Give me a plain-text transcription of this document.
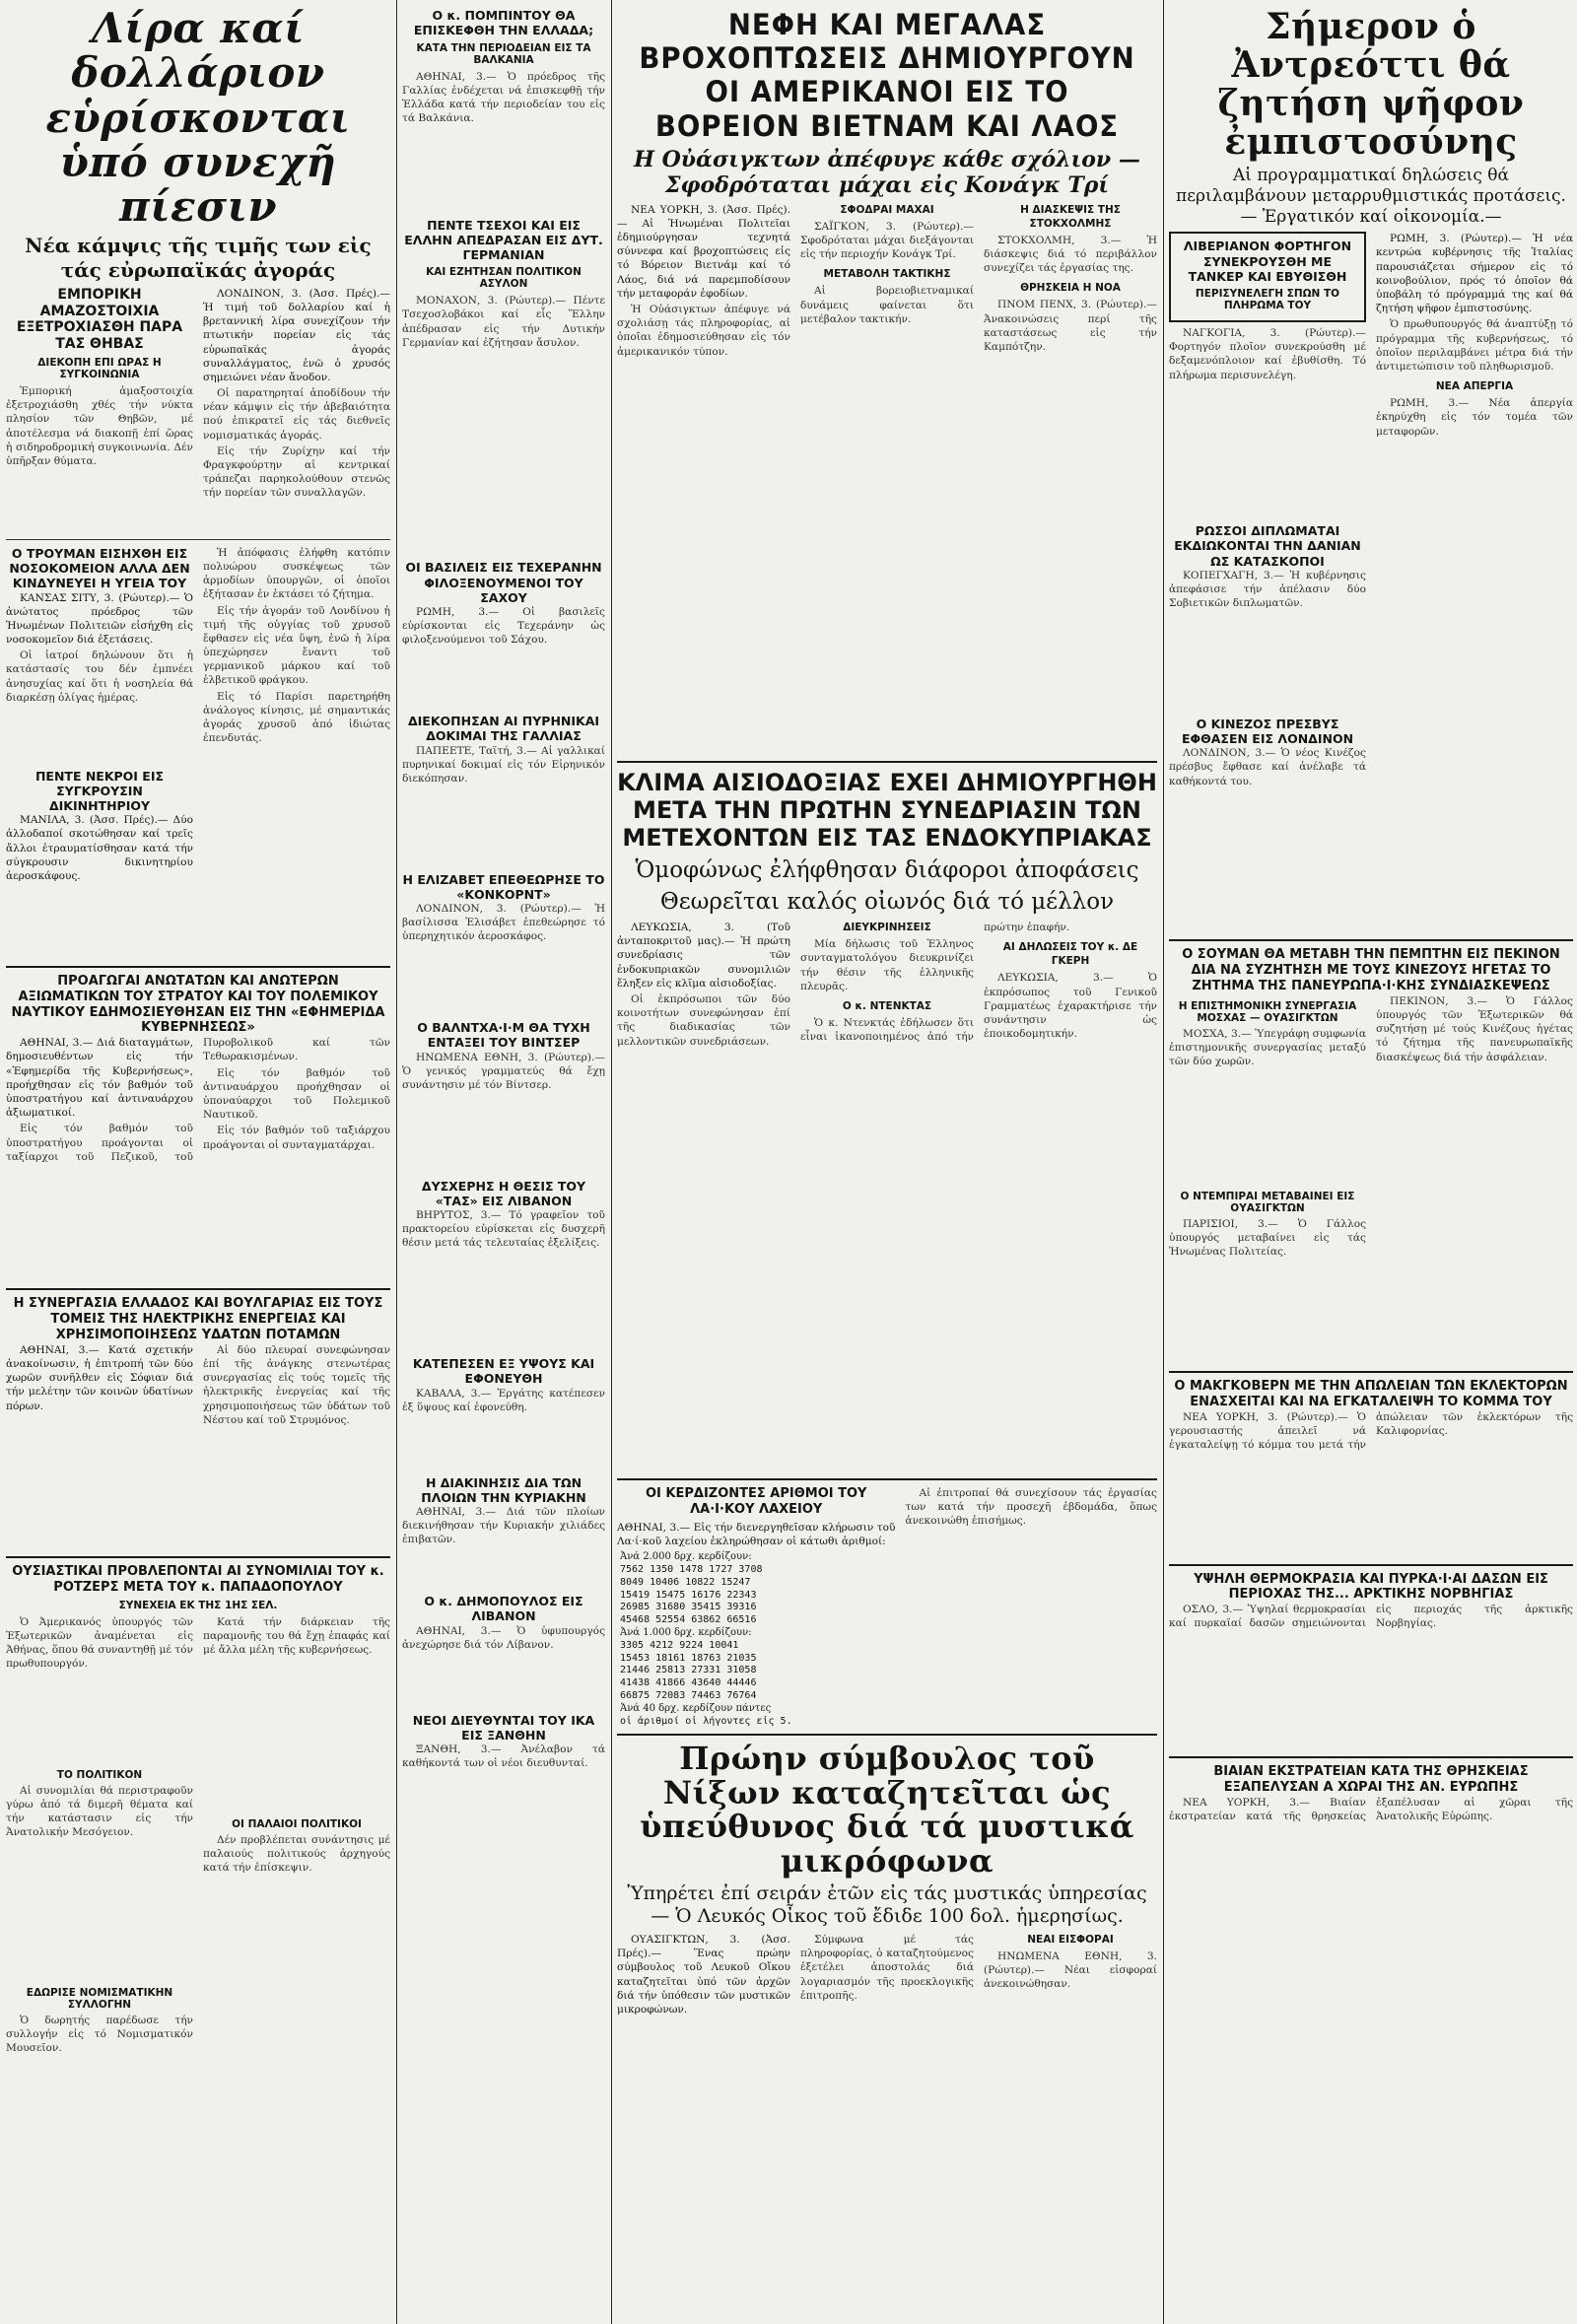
Λίρα καί δολλάριον εὑρίσκονται ὑπό συνεχῆ πίεσιν
Νέα κάμψις τῆς τιμῆς των εἰς τάς εὐρωπαϊκάς ἀγοράς
ΕΜΠΟΡΙΚΗ ΑΜΑΖΟΣΤΟΙΧΙΑ ΕΞΕΤΡΟΧΙΑΣΘΗ ΠΑΡΑ ΤΑΣ ΘΗΒΑΣ
ΔΙΕΚΟΠΗ ΕΠΙ ΩΡΑΣ Η ΣΥΓΚΟΙΝΩΝΙΑ

Ἐμπορική ἀμαξοστοιχία ἐξετροχιάσθη χθές τήν νύκτα πλησίον τῶν Θηβῶν, μέ ἀποτέλεσμα νά διακοπῇ ἐπί ὥρας ἡ σιδηροδρομική συγκοινωνία. Δέν ὑπῆρξαν θύματα.

ΛΟΝΔΙΝΟΝ, 3. (Ἀσσ. Πρές).— Ἡ τιμή τοῦ δολλαρίου καί ἡ βρεταννική λίρα συνεχίζουν τήν πτωτικήν πορείαν εἰς τάς εὐρωπαϊκάς ἀγοράς συναλλάγματος, ἐνῶ ὁ χρυσός σημειώνει νέαν ἄνοδον.

Οἱ παρατηρηταί ἀποδίδουν τήν νέαν κάμψιν εἰς τήν ἀβεβαιότητα πού ἐπικρατεῖ εἰς τάς διεθνεῖς νομισματικάς ἀγοράς.

Εἰς τήν Ζυρίχην καί τήν Φραγκφούρτην αἱ κεντρικαί τράπεζαι παρηκολούθουν στενῶς τήν πορείαν τῶν συναλλαγῶν.

Ο ΤΡΟΥΜΑΝ ΕΙΣΗΧΘΗ ΕΙΣ ΝΟΣΟΚΟΜΕΙΟΝ ΑΛΛΑ ΔΕΝ ΚΙΝΔΥΝΕΥΕΙ Η ΥΓΕΙΑ ΤΟΥ

ΚΑΝΣΑΣ ΣΙΤΥ, 3. (Ρώυτερ).— Ὁ ἀνώτατος πρόεδρος τῶν Ἡνωμένων Πολιτειῶν εἰσήχθη εἰς νοσοκομεῖον διά ἐξετάσεις.

Οἱ ἰατροί δηλώνουν ὅτι ἡ κατάστασίς του δέν ἐμπνέει ἀνησυχίας καί ὅτι ἡ νοσηλεία θά διαρκέσῃ ὀλίγας ἡμέρας.

ΠΕΝΤΕ ΝΕΚΡΟΙ ΕΙΣ ΣΥΓΚΡΟΥΣΙΝ ΔΙΚΙΝΗΤΗΡΙΟΥ

ΜΑΝΙΛΑ, 3. (Ἀσσ. Πρές).— Δύο ἀλλοδαποί σκοτώθησαν καί τρεῖς ἄλλοι ἐτραυματίσθησαν κατά τήν σύγκρουσιν δικινητηρίου ἀεροσκάφους.

Ἡ ἀπόφασις ἐλήφθη κατόπιν πολυώρου συσκέψεως τῶν ἁρμοδίων ὑπουργῶν, οἱ ὁποῖοι ἐξήτασαν ἐν ἐκτάσει τό ζήτημα.

Εἰς τήν ἀγοράν τοῦ Λονδίνου ἡ τιμή τῆς οὐγγίας τοῦ χρυσοῦ ἔφθασεν εἰς νέα ὕψη, ἐνῶ ἡ λίρα ὑπεχώρησεν ἔναντι τοῦ γερμανικοῦ μάρκου καί τοῦ ἑλβετικοῦ φράγκου.

Εἰς τό Παρίσι παρετηρήθη ἀνάλογος κίνησις, μέ σημαντικάς ἀγοράς χρυσοῦ ἀπό ἰδιώτας ἐπενδυτάς.

ΠΡΟΑΓΩΓΑΙ ΑΝΩΤΑΤΩΝ ΚΑΙ ΑΝΩΤΕΡΩΝ ΑΞΙΩΜΑΤΙΚΩΝ ΤΟΥ ΣΤΡΑΤΟΥ ΚΑΙ ΤΟΥ ΠΟΛΕΜΙΚΟΥ ΝΑΥΤΙΚΟΥ ΕΔΗΜΟΣΙΕΥΘΗΣΑΝ ΕΙΣ ΤΗΝ «ΕΦΗΜΕΡΙΔΑ ΚΥΒΕΡΝΗΣΕΩΣ»

ΑΘΗΝΑΙ, 3.— Διά διαταγμάτων, δημοσιευθέντων εἰς τήν «Ἐφημερίδα τῆς Κυβερνήσεως», προήχθησαν εἰς τόν βαθμόν τοῦ ὑποστρατήγου καί ἀντιναυάρχου ἀξιωματικοί.

Εἰς τόν βαθμόν τοῦ ὑποστρατήγου προάγονται οἱ ταξίαρχοι τοῦ Πεζικοῦ, τοῦ Πυροβολικοῦ καί τῶν Τεθωρακισμένων.

Εἰς τόν βαθμόν τοῦ ἀντιναυάρχου προήχθησαν οἱ ὑποναύαρχοι τοῦ Πολεμικοῦ Ναυτικοῦ.

Εἰς τόν βαθμόν τοῦ ταξιάρχου προάγονται οἱ συνταγματάρχαι.

Η ΣΥΝΕΡΓΑΣΙΑ ΕΛΛΑΔΟΣ ΚΑΙ ΒΟΥΛΓΑΡΙΑΣ ΕΙΣ ΤΟΥΣ ΤΟΜΕΙΣ ΤΗΣ ΗΛΕΚΤΡΙΚΗΣ ΕΝΕΡΓΕΙΑΣ ΚΑΙ ΧΡΗΣΙΜΟΠΟΙΗΣΕΩΣ ΥΔΑΤΩΝ ΠΟΤΑΜΩΝ

ΑΘΗΝΑΙ, 3.— Κατά σχετικήν ἀνακοίνωσιν, ἡ ἐπιτροπή τῶν δύο χωρῶν συνῆλθεν εἰς Σόφιαν διά τήν μελέτην τῶν κοινῶν ὑδατίνων πόρων.

Αἱ δύο πλευραί συνεφώνησαν ἐπί τῆς ἀνάγκης στενωτέρας συνεργασίας εἰς τούς τομεῖς τῆς ἠλεκτρικῆς ἐνεργείας καί τῆς χρησιμοποιήσεως τῶν ὑδάτων τοῦ Νέστου καί τοῦ Στρυμόνος.

ΟΥΣΙΑΣΤΙΚΑΙ ΠΡΟΒΛΕΠΟΝΤΑΙ ΑΙ ΣΥΝΟΜΙΛΙΑΙ ΤΟΥ κ. ΡΟΤΖΕΡΣ ΜΕΤΑ ΤΟΥ κ. ΠΑΠΑΔΟΠΟΥΛΟΥ
ΣΥΝΕΧΕΙΑ ΕΚ ΤΗΣ 1ΗΣ ΣΕΛ.

Ὁ Ἀμερικανός ὑπουργός τῶν Ἐξωτερικῶν ἀναμένεται εἰς Ἀθήνας, ὅπου θά συναντηθῇ μέ τόν πρωθυπουργόν.

ΤΟ ΠΟΛΙΤΙΚΟΝ

Αἱ συνομιλίαι θά περιστραφοῦν γύρω ἀπό τά διμερῆ θέματα καί τήν κατάστασιν εἰς τήν Ἀνατολικήν Μεσόγειον.

ΕΔΩΡΙΣΕ ΝΟΜΙΣΜΑΤΙΚΗΝ ΣΥΛΛΟΓΗΝ

Ὁ δωρητής παρέδωσε τήν συλλογήν εἰς τό Νομισματικόν Μουσεῖον.

Κατά τήν διάρκειαν τῆς παραμονῆς του θά ἔχῃ ἐπαφάς καί μέ ἄλλα μέλη τῆς κυβερνήσεως.

ΟΙ ΠΑΛΑΙΟΙ ΠΟΛΙΤΙΚΟΙ

Δέν προβλέπεται συνάντησις μέ παλαιούς πολιτικούς ἀρχηγούς κατά τήν ἐπίσκεψιν.

Ο κ. ΠΟΜΠΙΝΤΟΥ ΘΑ ΕΠΙΣΚΕΦΘΗ ΤΗΝ ΕΛΛΑΔΑ;
ΚΑΤΑ ΤΗΝ ΠΕΡΙΟΔΕΙΑΝ ΕΙΣ ΤΑ ΒΑΛΚΑΝΙΑ

ΑΘΗΝΑΙ, 3.— Ὁ πρόεδρος τῆς Γαλλίας ἐνδέχεται νά ἐπισκεφθῇ τήν Ἑλλάδα κατά τήν περιοδείαν του εἰς τά Βαλκάνια.

ΠΕΝΤΕ ΤΣΕΧΟΙ ΚΑΙ ΕΙΣ ΕΛΛΗΝ ΑΠΕΔΡΑΣΑΝ ΕΙΣ ΔΥΤ. ΓΕΡΜΑΝΙΑΝ
ΚΑΙ ΕΖΗΤΗΣΑΝ ΠΟΛΙΤΙΚΟΝ ΑΣΥΛΟΝ

ΜΟΝΑΧΟΝ, 3. (Ρώυτερ).— Πέντε Τσεχοσλοβάκοι καί εἷς Ἕλλην ἀπέδρασαν εἰς τήν Δυτικήν Γερμανίαν καί ἐζήτησαν ἄσυλον.

ΟΙ ΒΑΣΙΛΕΙΣ ΕΙΣ ΤΕΧΕΡΑΝΗΝ ΦΙΛΟΞΕΝΟΥΜΕΝΟΙ ΤΟΥ ΣΑΧΟΥ

ΡΩΜΗ, 3.— Οἱ βασιλεῖς εὑρίσκονται εἰς Τεχεράνην ὡς φιλοξενούμενοι τοῦ Σάχου.

ΔΙΕΚΟΠΗΣΑΝ ΑΙ ΠΥΡΗΝΙΚΑΙ ΔΟΚΙΜΑΙ ΤΗΣ ΓΑΛΛΙΑΣ

ΠΑΠΕΕΤΕ, Ταϊτή, 3.— Αἱ γαλλικαί πυρηνικαί δοκιμαί εἰς τόν Εἰρηνικόν διεκόπησαν.

Η ΕΛΙΖΑΒΕΤ ΕΠΕΘΕΩΡΗΣΕ ΤΟ «ΚΟΝΚΟΡΝΤ»

ΛΟΝΔΙΝΟΝ, 3. (Ρώυτερ).— Ἡ βασίλισσα Ἐλισάβετ ἐπεθεώρησε τό ὑπερηχητικόν ἀεροσκάφος.

Ο ΒΑΛΝΤΧΑ·Ι·Μ ΘΑ ΤΥΧΗ ΕΝΤΑΞΕΙ ΤΟΥ ΒΙΝΤΣΕΡ

ΗΝΩΜΕΝΑ ΕΘΝΗ, 3. (Ρώυτερ).— Ὁ γενικός γραμματεύς θά ἔχῃ συνάντησιν μέ τόν Βίντσερ.

ΔΥΣΧΕΡΗΣ Η ΘΕΣΙΣ ΤΟΥ «ΤΑΣ» ΕΙΣ ΛΙΒΑΝΟΝ

ΒΗΡΥΤΟΣ, 3.— Τό γραφεῖον τοῦ πρακτορείου εὑρίσκεται εἰς δυσχερῆ θέσιν μετά τάς τελευταίας ἐξελίξεις.

ΚΑΤΕΠΕΣΕΝ ΕΞ ΥΨΟΥΣ ΚΑΙ ΕΦΟΝΕΥΘΗ

ΚΑΒΑΛΑ, 3.— Ἐργάτης κατέπεσεν ἐξ ὕψους καί ἐφονεύθη.

Η ΔΙΑΚΙΝΗΣΙΣ ΔΙΑ ΤΩΝ ΠΛΟΙΩΝ ΤΗΝ ΚΥΡΙΑΚΗΝ

ΑΘΗΝΑΙ, 3.— Διά τῶν πλοίων διεκινήθησαν τήν Κυριακήν χιλιάδες ἐπιβατῶν.

Ο κ. ΔΗΜΟΠΟΥΛΟΣ ΕΙΣ ΛΙΒΑΝΟΝ

ΑΘΗΝΑΙ, 3.— Ὁ ὑφυπουργός ἀνεχώρησε διά τόν Λίβανον.

ΝΕΟΙ ΔΙΕΥΘΥΝΤΑΙ ΤΟΥ ΙΚΑ ΕΙΣ ΞΑΝΘΗΝ

ΞΑΝΘΗ, 3.— Ἀνέλαβον τά καθήκοντά των οἱ νέοι διευθυνταί.

ΝΕΦΗ ΚΑΙ ΜΕΓΑΛΑΣ ΒΡΟΧΟΠΤΩΣΕΙΣ ΔΗΜΙΟΥΡΓΟΥΝ ΟΙ ΑΜΕΡΙΚΑΝΟΙ ΕΙΣ ΤΟ ΒΟΡΕΙΟΝ ΒΙΕΤΝΑΜ ΚΑΙ ΛΑΟΣ
Η Οὐάσιγκτων ἀπέφυγε κάθε σχόλιον — Σφοδρόταται μάχαι εἰς Κονάγκ Τρί

ΝΕΑ ΥΟΡΚΗ, 3. (Ἀσσ. Πρές).— Αἱ Ἡνωμέναι Πολιτεῖαι ἐδημιούργησαν τεχνητά σύννεφα καί βροχοπτώσεις εἰς τό Βόρειον Βιετνάμ καί τό Λάος, διά νά παρεμποδίσουν τήν μεταφοράν ἐφοδίων.

Ἡ Οὐάσιγκτων ἀπέφυγε νά σχολιάσῃ τάς πληροφορίας, αἱ ὁποῖαι ἐδημοσιεύθησαν εἰς τόν ἀμερικανικόν τύπον.

ΣΦΟΔΡΑΙ ΜΑΧΑΙ

ΣΑΪΓΚΟΝ, 3. (Ρώυτερ).— Σφοδρόταται μάχαι διεξάγονται εἰς τήν περιοχήν Κονάγκ Τρί.

ΜΕΤΑΒΟΛΗ ΤΑΚΤΙΚΗΣ

Αἱ βορειοβιετναμικαί δυνάμεις φαίνεται ὅτι μετέβαλον τακτικήν.

Η ΔΙΑΣΚΕΨΙΣ ΤΗΣ ΣΤΟΚΧΟΛΜΗΣ

ΣΤΟΚΧΟΛΜΗ, 3.— Ἡ διάσκεψις διά τό περιβάλλον συνεχίζει τάς ἐργασίας της.

ΘΡΗΣΚΕΙΑ Η ΝΟΑ

ΠΝΟΜ ΠΕΝΧ, 3. (Ρώυτερ).— Ἀνακοινώσεις περί τῆς καταστάσεως εἰς τήν Καμπότζην.

ΚΛΙΜΑ ΑΙΣΙΟΔΟΞΙΑΣ ΕΧΕΙ ΔΗΜΙΟΥΡΓΗΘΗ ΜΕΤΑ ΤΗΝ ΠΡΩΤΗΝ ΣΥΝΕΔΡΙΑΣΙΝ ΤΩΝ ΜΕΤΕΧΟΝΤΩΝ ΕΙΣ ΤΑΣ ΕΝΔΟΚΥΠΡΙΑΚΑΣ
Ὁμοφώνως ἐλήφθησαν διάφοροι ἀποφάσεις
Θεωρεῖται καλός οἰωνός διά τό μέλλον

ΛΕΥΚΩΣΙΑ, 3. (Τοῦ ἀνταποκριτοῦ μας).— Ἡ πρώτη συνεδρίασις τῶν ἐνδοκυπριακῶν συνομιλιῶν ἔληξεν εἰς κλῖμα αἰσιοδοξίας.

Οἱ ἐκπρόσωποι τῶν δύο κοινοτήτων συνεφώνησαν ἐπί τῆς διαδικασίας τῶν μελλοντικῶν συνεδριάσεων.

ΔΙΕΥΚΡΙΝΗΣΕΙΣ

Μία δήλωσις τοῦ Ἑλληνος συνταγματολόγου διευκρινίζει τήν θέσιν τῆς ἑλληνικῆς πλευρᾶς.

Ο κ. ΝΤΕΝΚΤΑΣ

Ὁ κ. Ντενκτάς ἐδήλωσεν ὅτι εἶναι ἱκανοποιημένος ἀπό τήν πρώτην ἐπαφήν.

ΑΙ ΔΗΛΩΣΕΙΣ ΤΟΥ κ. ΔΕ ΓΚΕΡΗ

ΛΕΥΚΩΣΙΑ, 3.— Ὁ ἐκπρόσωπος τοῦ Γενικοῦ Γραμματέως ἐχαρακτήρισε τήν συνάντησιν ὡς ἐποικοδομητικήν.

ΟΙ ΚΕΡΔΙΖΟΝΤΕΣ ΑΡΙΘΜΟΙ ΤΟΥ ΛΑ·Ι·ΚΟΥ ΛΑΧΕΙΟΥ
ΑΘΗΝΑΙ, 3.— Εἰς τήν διενεργηθεῖσαν κλήρωσιν τοῦ Λα·ί·κοῦ λαχείου ἐκληρώθησαν οἱ κάτωθι ἀριθμοί:
Ἀνά 2.000 δρχ. κερδίζουν:
7562 1350 1478 1727 3708
8049 10406 10822 15247
15419 15475 16176 22343
26985 31680 35415 39316
45468 52554 63862 66516
Ἀνά 1.000 δρχ. κερδίζουν:
3305 4212 9224 10041
15453 18161 18763 21035
21446 25813 27331 31058
41438 41866 43640 44446
66875 72083 74463 76764
Ἀνά 40 δρχ. κερδίζουν πάντες
οἱ ἀριθμοί οἱ λήγοντες εἰς 5.

Αἱ ἐπιτροπαί θά συνεχίσουν τάς ἐργασίας των κατά τήν προσεχῆ ἑβδομάδα, ὅπως ἀνεκοινώθη ἐπισήμως.

Πρώην σύμβουλος τοῦ Νίξων καταζητεῖται ὡς ὑπεύθυνος διά τά μυστικά μικρόφωνα
Ὑπηρέτει ἐπί σειράν ἐτῶν εἰς τάς μυστικάς ὑπηρεσίας — Ὁ Λευκός Οἶκος τοῦ ἔδιδε 100 δολ. ἡμερησίως.

ΟΥΑΣΙΓΚΤΩΝ, 3. (Ἀσσ. Πρές).— Ἕνας πρώην σύμβουλος τοῦ Λευκοῦ Οἴκου καταζητεῖται ὑπό τῶν ἀρχῶν διά τήν ὑπόθεσιν τῶν μυστικῶν μικροφώνων.

Σύμφωνα μέ τάς πληροφορίας, ὁ καταζητούμενος ἐξετέλει ἀποστολάς διά λογαριασμόν τῆς προεκλογικῆς ἐπιτροπῆς.

ΝΕΑΙ ΕΙΣΦΟΡΑΙ

ΗΝΩΜΕΝΑ ΕΘΝΗ, 3. (Ρώυτερ).— Νέαι εἰσφοραί ἀνεκοινώθησαν.

Σήμερον ὁ Ἀντρεόττι θά ζητήση ψῆφον ἐμπιστοσύνης
Αἱ προγραμματικαί δηλώσεις θά περιλαμβάνουν μεταρρυθμιστικάς προτάσεις.— Ἐργατικόν καί οἰκονομία.—
ΛΙΒΕΡΙΑΝΟΝ ΦΟΡΤΗΓΟΝ ΣΥΝΕΚΡΟΥΣΘΗ ΜΕ ΤΑΝΚΕΡ ΚΑΙ ΕΒΥΘΙΣΘΗ
ΠΕΡΙΣΥΝΕΛΕΓΗ ΣΠΩΝ ΤΟ ΠΛΗΡΩΜΑ ΤΟΥ

ΝΑΓΚΟΓΙΑ, 3. (Ρώυτερ).— Φορτηγόν πλοῖον συνεκρούσθη μέ δεξαμενόπλοιον καί ἐβυθίσθη. Τό πλήρωμα περισυνελέγη.

ΡΩΣΣΟΙ ΔΙΠΛΩΜΑΤΑΙ ΕΚΔΙΩΚΟΝΤΑΙ ΤΗΝ ΔΑΝΙΑΝ ΩΣ ΚΑΤΑΣΚΟΠΟΙ

ΚΟΠΕΓΧΑΓΗ, 3.— Ἡ κυβέρνησις ἀπεφάσισε τήν ἀπέλασιν δύο Σοβιετικῶν διπλωματῶν.

Ο ΚΙΝΕΖΟΣ ΠΡΕΣΒΥΣ ΕΦΘΑΣΕΝ ΕΙΣ ΛΟΝΔΙΝΟΝ

ΛΟΝΔΙΝΟΝ, 3.— Ὁ νέος Κινέζος πρέσβυς ἔφθασε καί ἀνέλαβε τά καθήκοντά του.

ΡΩΜΗ, 3. (Ρώυτερ).— Ἡ νέα κεντρώα κυβέρνησις τῆς Ἰταλίας παρουσιάζεται σήμερον εἰς τό κοινοβούλιον, πρός τό ὁποῖον θά ὑποβάλη τό πρόγραμμά της καί θά ζητήση ψῆφον ἐμπιστοσύνης.

Ὁ πρωθυπουργός θά ἀναπτύξῃ τό πρόγραμμα τῆς κυβερνήσεως, τό ὁποῖον περιλαμβάνει μέτρα διά τήν ἀντιμετώπισιν τοῦ πληθωρισμοῦ.

ΝΕΑ ΑΠΕΡΓΙΑ

ΡΩΜΗ, 3.— Νέα ἀπεργία ἐκηρύχθη εἰς τόν τομέα τῶν μεταφορῶν.

Ο ΣΟΥΜΑΝ ΘΑ ΜΕΤΑΒΗ ΤΗΝ ΠΕΜΠΤΗΝ ΕΙΣ ΠΕΚΙΝΟΝ ΔΙΑ ΝΑ ΣΥΖΗΤΗΣΗ ΜΕ ΤΟΥΣ ΚΙΝΕΖΟΥΣ ΗΓΕΤΑΣ ΤΟ ΖΗΤΗΜΑ ΤΗΣ ΠΑΝΕΥΡΩΠΑ·Ι·ΚΗΣ ΣΥΝΔΙΑΣΚΕΨΕΩΣ
Η ΕΠΙΣΤΗΜΟΝΙΚΗ ΣΥΝΕΡΓΑΣΙΑ ΜΟΣΧΑΣ — ΟΥΑΣΙΓΚΤΩΝ

ΜΟΣΧΑ, 3.— Ὑπεγράφη συμφωνία ἐπιστημονικῆς συνεργασίας μεταξύ τῶν δύο χωρῶν.

Ο ΝΤΕΜΠΙΡΑΙ ΜΕΤΑΒΑΙΝΕΙ ΕΙΣ ΟΥΑΣΙΓΚΤΩΝ

ΠΑΡΙΣΙΟΙ, 3.— Ὁ Γάλλος ὑπουργός μεταβαίνει εἰς τάς Ἡνωμένας Πολιτείας.

ΠΕΚΙΝΟΝ, 3.— Ὁ Γάλλος ὑπουργός τῶν Ἐξωτερικῶν θά συζητήσῃ μέ τούς Κινέζους ἡγέτας τό ζήτημα τῆς πανευρωπαϊκῆς διασκέψεως διά τήν ἀσφάλειαν.

Ο ΜΑΚΓΚΟΒΕΡΝ ΜΕ ΤΗΝ ΑΠΩΛΕΙΑΝ ΤΩΝ ΕΚΛΕΚΤΟΡΩΝ ΕΝΑΣΧΕΙΤΑΙ ΚΑΙ ΝΑ ΕΓΚΑΤΑΛΕΙΨΗ ΤΟ ΚΟΜΜΑ ΤΟΥ

ΝΕΑ ΥΟΡΚΗ, 3. (Ρώυτερ).— Ὁ γερουσιαστής ἀπειλεῖ νά ἐγκαταλείψῃ τό κόμμα του μετά τήν ἀπώλειαν τῶν ἐκλεκτόρων τῆς Καλιφορνίας.

ΥΨΗΛΗ ΘΕΡΜΟΚΡΑΣΙΑ ΚΑΙ ΠΥΡΚΑ·Ι·ΑΙ ΔΑΣΩΝ ΕΙΣ ΠΕΡΙΟΧΑΣ ΤΗΣ... ΑΡΚΤΙΚΗΣ ΝΟΡΒΗΓΙΑΣ

ΟΣΛΟ, 3.— Ὑψηλαί θερμοκρασίαι καί πυρκαϊαί δασῶν σημειώνονται εἰς περιοχάς τῆς ἀρκτικῆς Νορβηγίας.

ΒΙΑΙΑΝ ΕΚΣΤΡΑΤΕΙΑΝ ΚΑΤΑ ΤΗΣ ΘΡΗΣΚΕΙΑΣ ΕΞΑΠΕΛΥΣΑΝ Α ΧΩΡΑΙ ΤΗΣ ΑΝ. ΕΥΡΩΠΗΣ

ΝΕΑ ΥΟΡΚΗ, 3.— Βιαίαν ἐκστρατείαν κατά τῆς θρησκείας ἐξαπέλυσαν αἱ χῶραι τῆς Ἀνατολικῆς Εὐρώπης.
